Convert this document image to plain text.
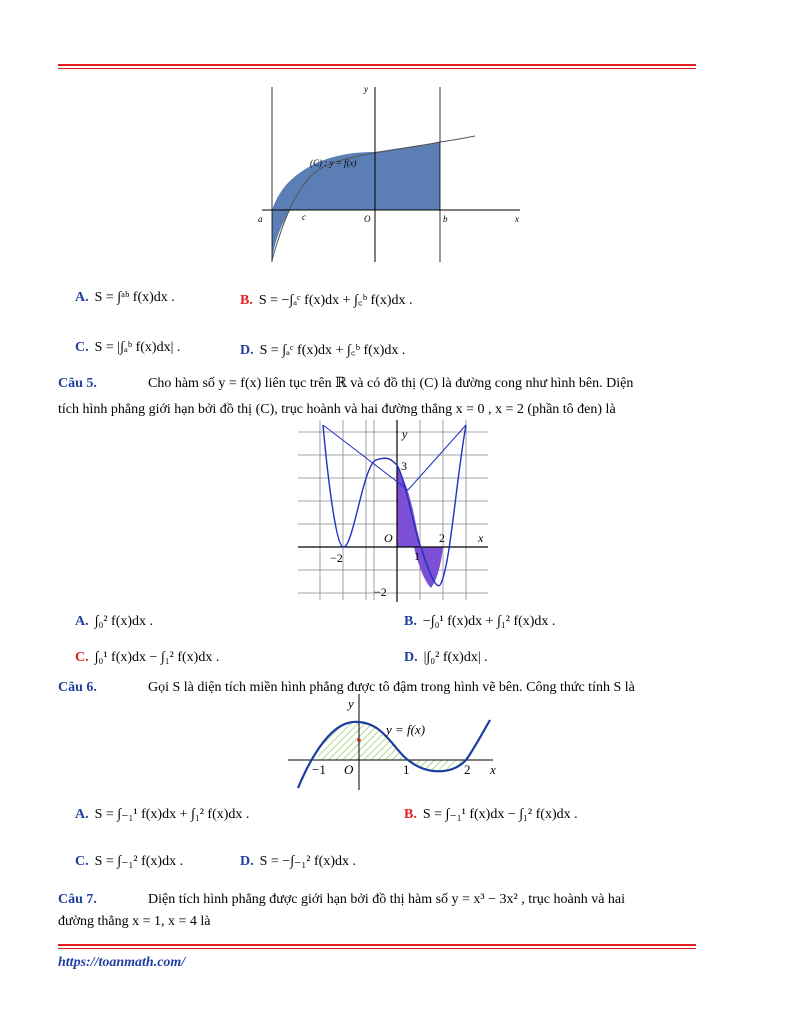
y
(C) : y = f(x)
a	c	O	b	x
A. S = ∫ᵃᵇ f(x)dx .	B. S = −∫ₐᶜ f(x)dx + ∫꜀ᵇ f(x)dx .
C. S = |∫ₐᵇ f(x)dx| .	D. S = ∫ₐᶜ f(x)dx + ∫꜀ᵇ f(x)dx .
Câu 5.	Cho hàm số y = f(x) liên tục trên ℝ và có đồ thị (C) là đường cong như hình bên. Diện
tích hình phẳng giới hạn bởi đồ thị (C), trục hoành và hai đường thẳng x = 0 , x = 2 (phần tô đen) là
y
3
O	2	x
−2	1
−2
A. ∫₀² f(x)dx .	B. −∫₀¹ f(x)dx + ∫₁² f(x)dx .
C. ∫₀¹ f(x)dx − ∫₁² f(x)dx .	D. |∫₀² f(x)dx| .
Câu 6.	Gọi S là diện tích miền hình phẳng được tô đậm trong hình vẽ bên. Công thức tính S là
y
y = f(x)
−1 O	1	2 x
A. S = ∫₋₁¹ f(x)dx + ∫₁² f(x)dx .	B. S = ∫₋₁¹ f(x)dx − ∫₁² f(x)dx .
C. S = ∫₋₁² f(x)dx .	D. S = −∫₋₁² f(x)dx .
Câu 7.	Diện tích hình phẳng được giới hạn bởi đồ thị hàm số y = x³ − 3x² , trục hoành và hai
đường thẳng x = 1, x = 4 là
https://toanmath.com/
